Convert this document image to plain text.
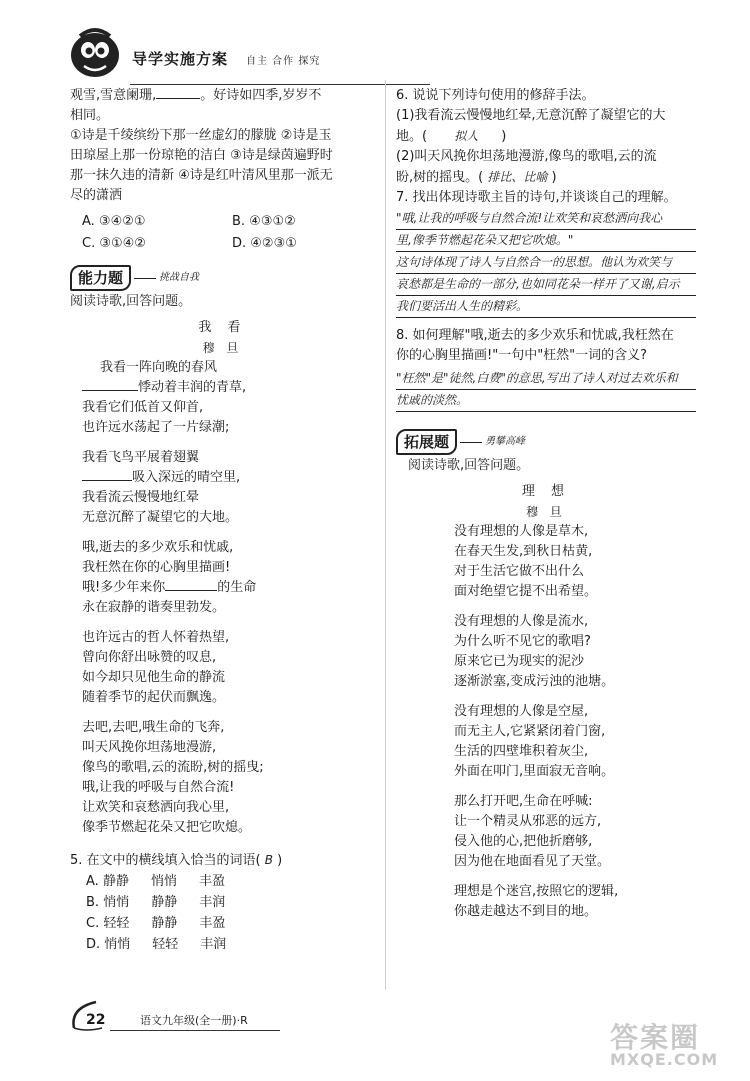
导学实施方案 自主 合作 探究

观雪,雪意阑珊,	。好诗如四季,岁岁不

相同。

①诗是千绫缤纷下那一丝虚幻的朦胧 ②诗是玉

田琼屋上那一份琼艳的洁白 ③诗是绿茵遍野时

那一抹久违的清新 ④诗是红叶清风里那一派无

尽的潇洒

A. ③④②①	B. ④③①②
C. ③①④②	D. ④②③①
能力题	挑战自我

阅读诗歌,回答问题。

我 看

穆 旦

我看一阵向晚的春风

悸动着丰润的青草,

我看它们低首又仰首,

也许远水荡起了一片绿潮;

我看飞鸟平展着翅翼

吸入深远的晴空里,

我看流云慢慢地红晕

无意沉醉了凝望它的大地。

哦,逝去的多少欢乐和忧戚,

我枉然在你的心胸里描画!

哦!多少年来你	的生命

永在寂静的谐奏里勃发。

也许远古的哲人怀着热望,

曾向你舒出咏赞的叹息,

如今却只见他生命的静流

随着季节的起伏而飘逸。

去吧,去吧,哦生命的飞奔,

叫天风挽你坦荡地漫游,

像鸟的歌唱,云的流盼,树的摇曳;

哦,让我的呼吸与自然合流!

让欢笑和哀愁洒向我心里,

像季节燃起花朵又把它吹熄。

5. 在文中的横线填入恰当的词语( B )

A. 静静 悄悄 丰盈

B. 悄悄 静静 丰润

C. 轻轻 静静 丰盈

D. 悄悄 轻轻 丰润

6. 说说下列诗句使用的修辞手法。

(1)我看流云慢慢地红晕,无意沉醉了凝望它的大

地。( 拟人 )

(2)叫天风挽你坦荡地漫游,像鸟的歌唱,云的流

盼,树的摇曳。( 排比、比喻 )

7. 找出体现诗歌主旨的诗句,并谈谈自己的理解。

"哦,让我的呼吸与自然合流!让欢笑和哀愁洒向我心
里,像季节燃起花朵又把它吹熄。"
这句诗体现了诗人与自然合一的思想。他认为欢笑与
哀愁都是生命的一部分,也如同花朵一样开了又谢,启示
我们要活出人生的精彩。

8. 如何理解"哦,逝去的多少欢乐和忧戚,我枉然在

你的心胸里描画!"一句中"枉然"一词的含义?

"枉然"是"徒然,白费"的意思,写出了诗人对过去欢乐和
忧戚的淡然。
拓展题	勇攀高峰

阅读诗歌,回答问题。

理 想

穆 旦

没有理想的人像是草木,

在春天生发,到秋日枯黄,

对于生活它做不出什么

面对绝望它提不出希望。

没有理想的人像是流水,

为什么听不见它的歌唱?

原来它已为现实的泥沙

逐渐淤塞,变成污浊的池塘。

没有理想的人像是空屋,

而无主人,它紧紧闭着门窗,

生活的四壁堆积着灰尘,

外面在叩门,里面寂无音响。

那么打开吧,生命在呼喊:

让一个精灵从邪恶的远方,

侵入他的心,把他折磨够,

因为他在地面看见了天堂。

理想是个迷宫,按照它的逻辑,

你越走越达不到目的地。

22	语文九年级(全一册)·R
答案圈
MXQE.COM
